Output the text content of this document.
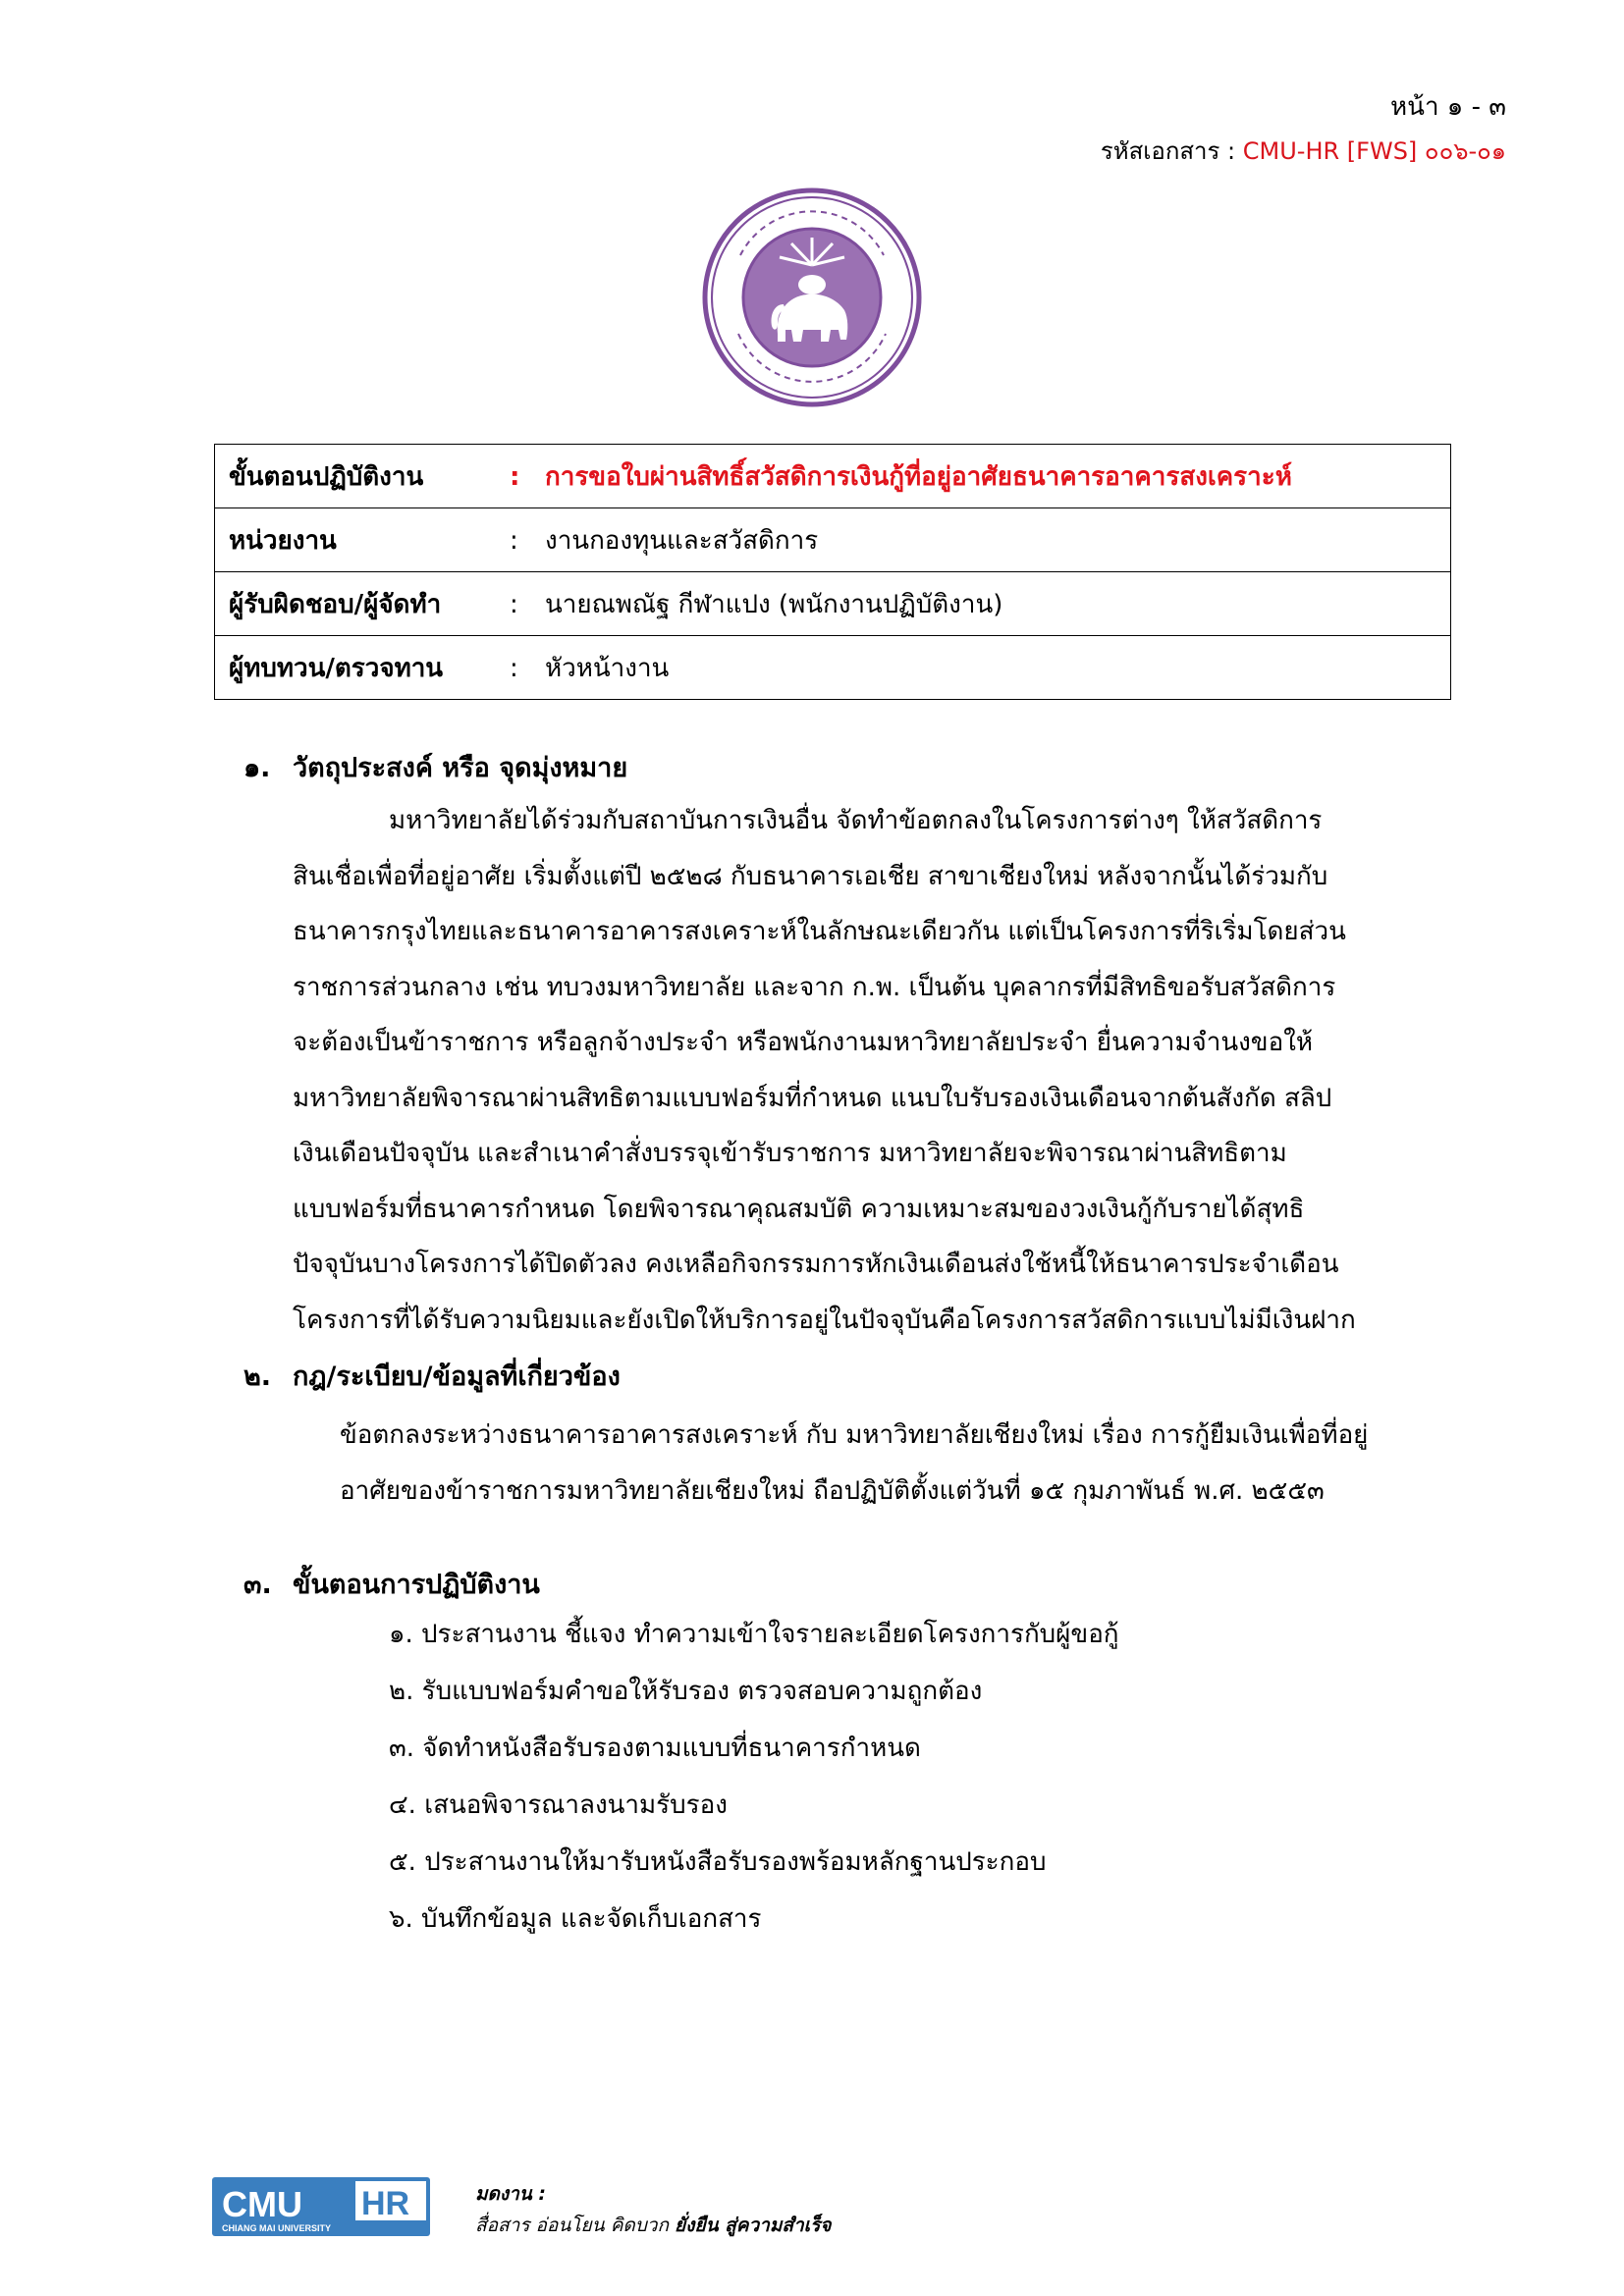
หน้า ๑ - ๓
รหัสเอกสาร : CMU-HR [FWS] ๐๐๖-๐๑
ขั้นตอนปฏิบัติงาน	: การขอใบผ่านสิทธิ์สวัสดิการเงินกู้ที่อยู่อาศัยธนาคารอาคารสงเคราะห์
หน่วยงาน	: งานกองทุนและสวัสดิการ
ผู้รับผิดชอบ/ผู้จัดทำ	: นายณพณัฐ กีฬาแปง (พนักงานปฏิบัติงาน)
ผู้ทบทวน/ตรวจทาน	: หัวหน้างาน
๑. วัตถุประสงค์ หรือ จุดมุ่งหมาย
มหาวิทยาลัยได้ร่วมกับสถาบันการเงินอื่น จัดทำข้อตกลงในโครงการต่างๆ ให้สวัสดิการ
สินเชื่อเพื่อที่อยู่อาศัย เริ่มตั้งแต่ปี ๒๕๒๘ กับธนาคารเอเชีย สาขาเชียงใหม่ หลังจากนั้นได้ร่วมกับ
ธนาคารกรุงไทยและธนาคารอาคารสงเคราะห์ในลักษณะเดียวกัน แต่เป็นโครงการที่ริเริ่มโดยส่วน
ราชการส่วนกลาง เช่น ทบวงมหาวิทยาลัย และจาก ก.พ. เป็นต้น บุคลากรที่มีสิทธิขอรับสวัสดิการ
จะต้องเป็นข้าราชการ หรือลูกจ้างประจำ หรือพนักงานมหาวิทยาลัยประจำ ยื่นความจำนงขอให้
มหาวิทยาลัยพิจารณาผ่านสิทธิตามแบบฟอร์มที่กำหนด แนบใบรับรองเงินเดือนจากต้นสังกัด สลิป
เงินเดือนปัจจุบัน และสำเนาคำสั่งบรรจุเข้ารับราชการ มหาวิทยาลัยจะพิจารณาผ่านสิทธิตาม
แบบฟอร์มที่ธนาคารกำหนด โดยพิจารณาคุณสมบัติ ความเหมาะสมของวงเงินกู้กับรายได้สุทธิ
ปัจจุบันบางโครงการได้ปิดตัวลง คงเหลือกิจกรรมการหักเงินเดือนส่งใช้หนี้ให้ธนาคารประจำเดือน
โครงการที่ได้รับความนิยมและยังเปิดให้บริการอยู่ในปัจจุบันคือโครงการสวัสดิการแบบไม่มีเงินฝาก
๒. กฎ/ระเบียบ/ข้อมูลที่เกี่ยวข้อง
ข้อตกลงระหว่างธนาคารอาคารสงเคราะห์ กับ มหาวิทยาลัยเชียงใหม่ เรื่อง การกู้ยืมเงินเพื่อที่อยู่
อาศัยของข้าราชการมหาวิทยาลัยเชียงใหม่ ถือปฏิบัติตั้งแต่วันที่ ๑๕ กุมภาพันธ์ พ.ศ. ๒๕๕๓
๓. ขั้นตอนการปฏิบัติงาน
๑. ประสานงาน ชี้แจง ทำความเข้าใจรายละเอียดโครงการกับผู้ขอกู้
๒. รับแบบฟอร์มคำขอให้รับรอง ตรวจสอบความถูกต้อง
๓. จัดทำหนังสือรับรองตามแบบที่ธนาคารกำหนด
๔. เสนอพิจารณาลงนามรับรอง
๕. ประสานงานให้มารับหนังสือรับรองพร้อมหลักฐานประกอบ
๖. บันทึกข้อมูล และจัดเก็บเอกสาร
CMU HR
CHIANG MAI UNIVERSITY
มดงาน :
สื่อสาร อ่อนโยน คิดบวก ยั่งยืน สู่ความสำเร็จ
